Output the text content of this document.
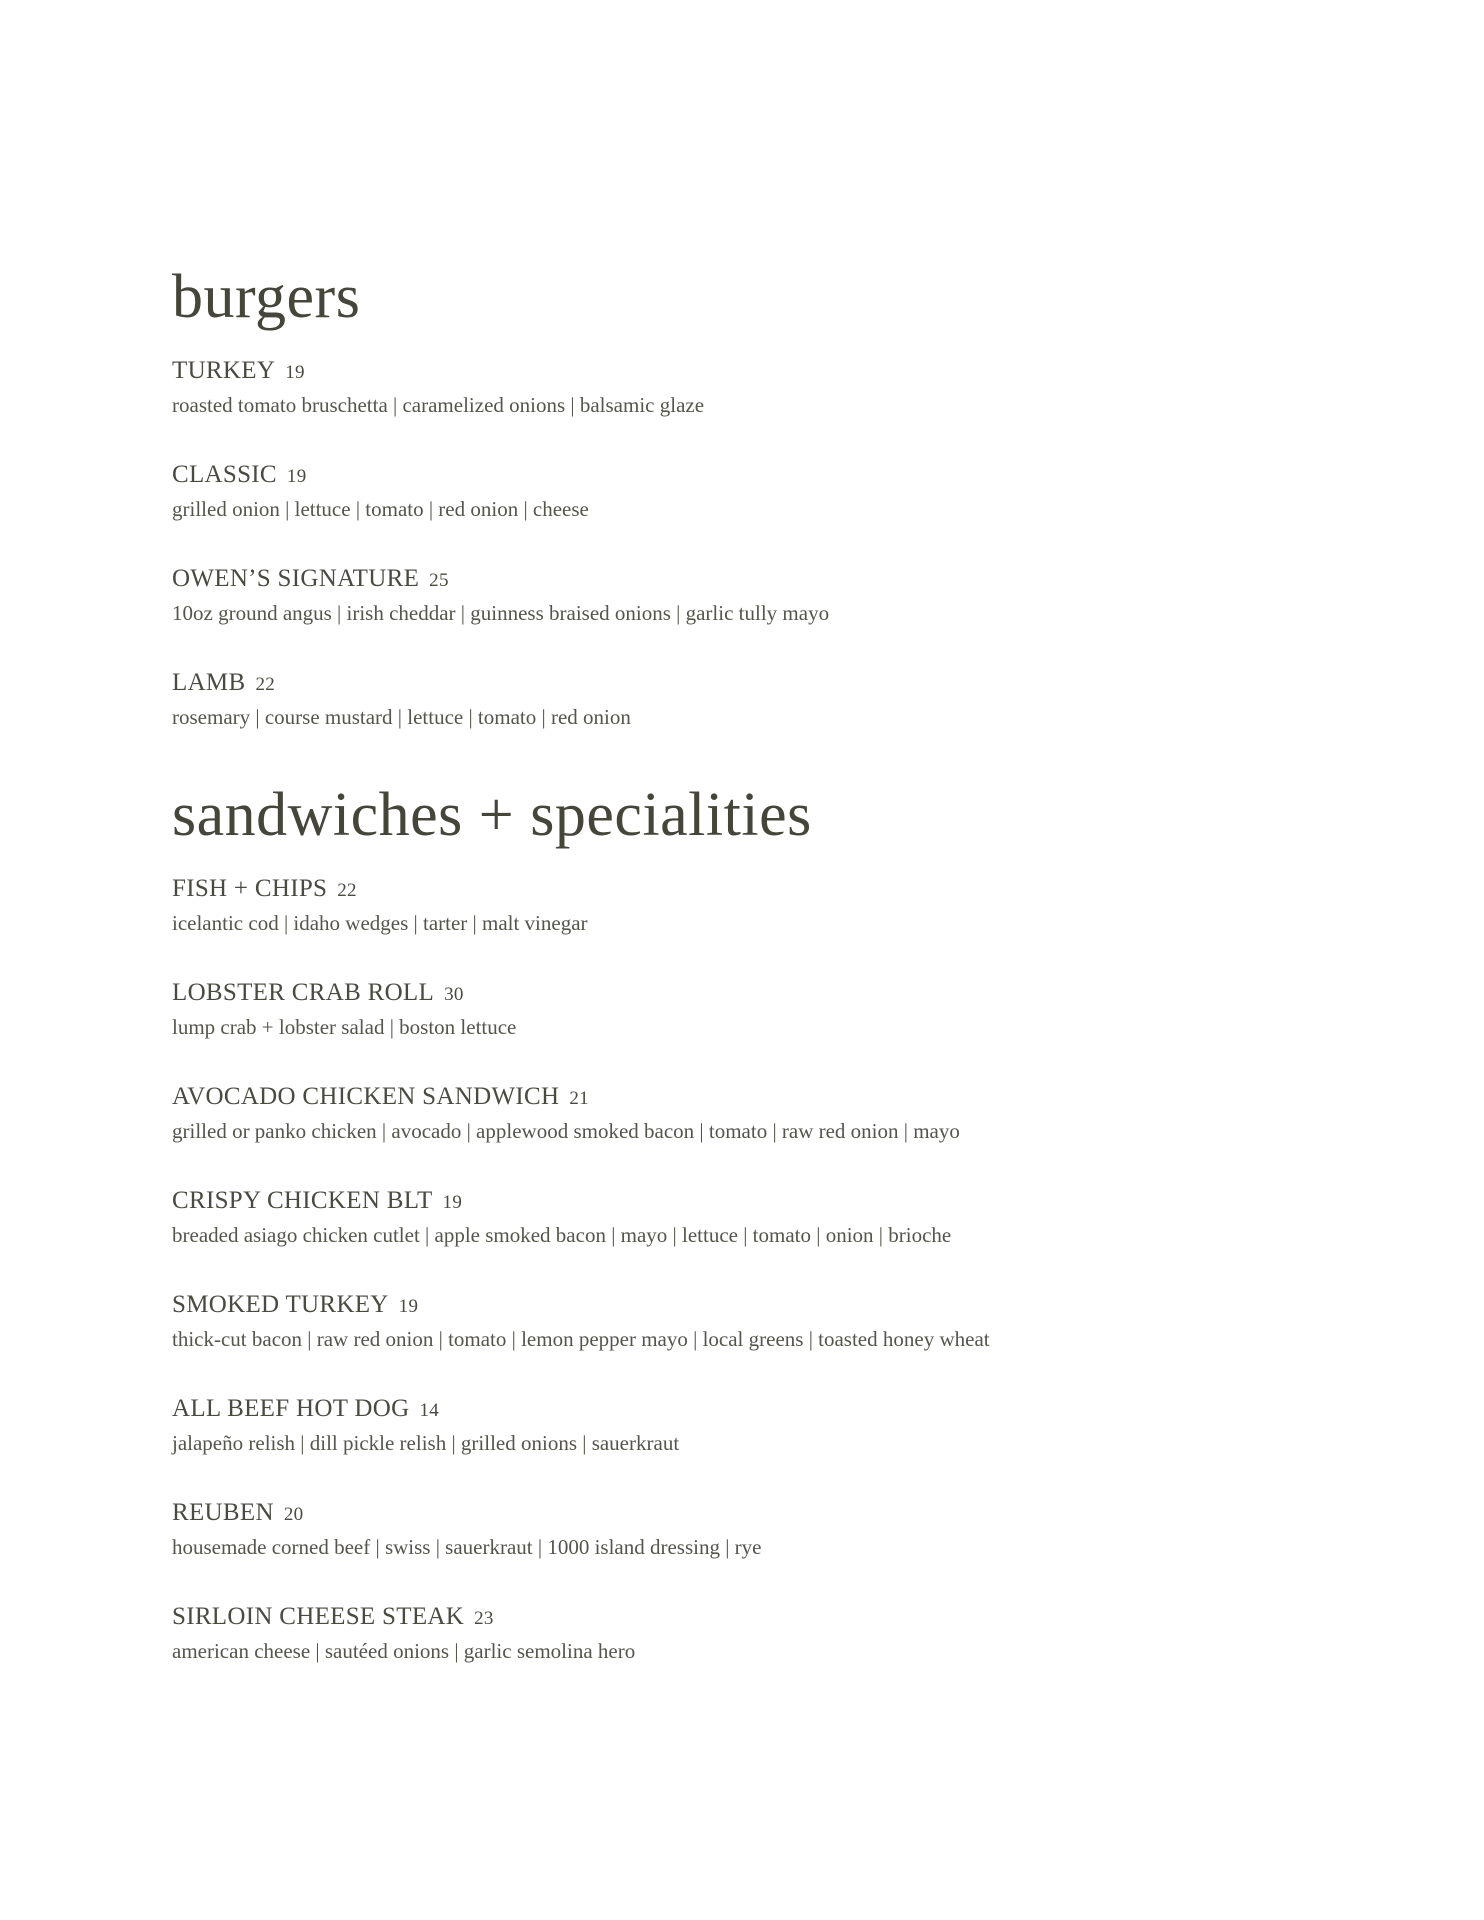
burgers
TURKEY 19
roasted tomato bruschetta | caramelized onions | balsamic glaze
CLASSIC 19
grilled onion | lettuce | tomato | red onion | cheese
OWEN’S SIGNATURE 25
10oz ground angus | irish cheddar | guinness braised onions | garlic tully mayo
LAMB 22
rosemary | course mustard | lettuce | tomato | red onion
sandwiches + specialities
FISH + CHIPS 22
icelantic cod | idaho wedges | tarter | malt vinegar
LOBSTER CRAB ROLL 30
lump crab + lobster salad | boston lettuce
AVOCADO CHICKEN SANDWICH 21
grilled or panko chicken | avocado | applewood smoked bacon | tomato | raw red onion | mayo
CRISPY CHICKEN BLT 19
breaded asiago chicken cutlet | apple smoked bacon | mayo | lettuce | tomato | onion | brioche
SMOKED TURKEY 19
thick-cut bacon | raw red onion | tomato | lemon pepper mayo | local greens | toasted honey wheat
ALL BEEF HOT DOG 14
jalapeño relish | dill pickle relish | grilled onions | sauerkraut
REUBEN 20
housemade corned beef | swiss | sauerkraut | 1000 island dressing | rye
SIRLOIN CHEESE STEAK 23
american cheese | sautéed onions | garlic semolina hero
